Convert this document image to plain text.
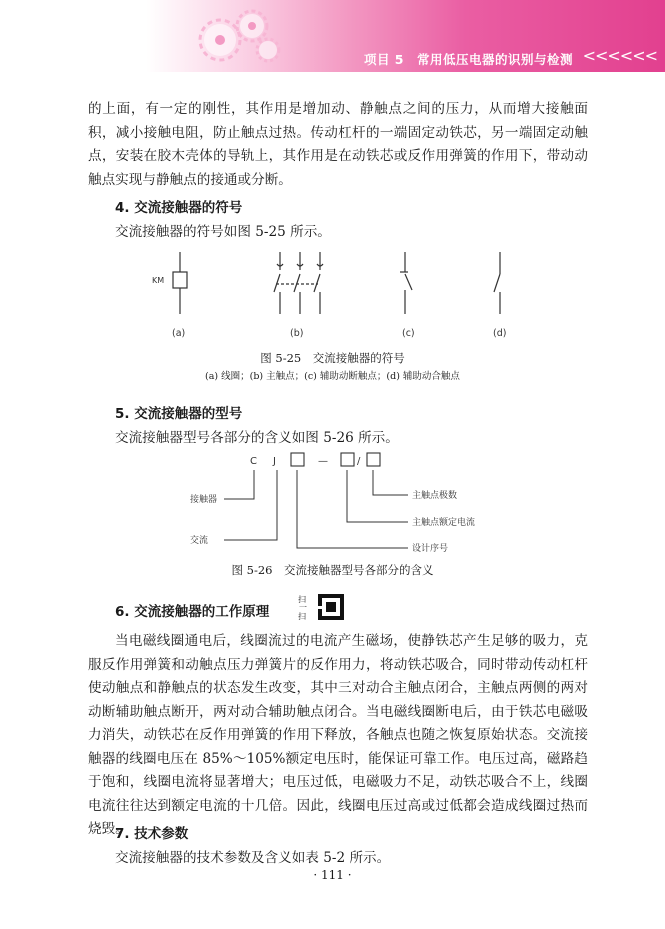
项目 5　常用低压电器的识别与检测 <<<<<<
的上面，有一定的刚性，其作用是增加动、静触点之间的压力，从而增大接触面积，减小接触电阻，防止触点过热。传动杠杆的一端固定动铁芯，另一端固定动触点，安装在胶木壳体的导轨上，其作用是在动铁芯或反作用弹簧的作用下，带动动触点实现与静触点的接通或分断。
4. 交流接触器的符号
交流接触器的符号如图 5-25 所示。
KM
(a)	(b)	(c)	(d)
图 5-25　交流接触器的符号
(a) 线圈；(b) 主触点；(c) 辅助动断触点；(d) 辅助动合触点
5. 交流接触器的型号
交流接触器型号各部分的含义如图 5-26 所示。
C J	—	/
接触器
交流
主触点极数
主触点额定电流
设计序号
图 5-26　交流接触器型号各部分的含义
6. 交流接触器的工作原理
扫
一
扫
当电磁线圈通电后，线圈流过的电流产生磁场，使静铁芯产生足够的吸力，克服反作用弹簧和动触点压力弹簧片的反作用力，将动铁芯吸合，同时带动传动杠杆使动触点和静触点的状态发生改变，其中三对动合主触点闭合，主触点两侧的两对动断辅助触点断开，两对动合辅助触点闭合。当电磁线圈断电后，由于铁芯电磁吸力消失，动铁芯在反作用弹簧的作用下释放，各触点也随之恢复原始状态。交流接触器的线圈电压在 85%～105%额定电压时，能保证可靠工作。电压过高，磁路趋于饱和，线圈电流将显著增大；电压过低，电磁吸力不足，动铁芯吸合不上，线圈电流往往达到额定电流的十几倍。因此，线圈电压过高或过低都会造成线圈过热而烧毁。
7. 技术参数
交流接触器的技术参数及含义如表 5-2 所示。
· 111 ·
